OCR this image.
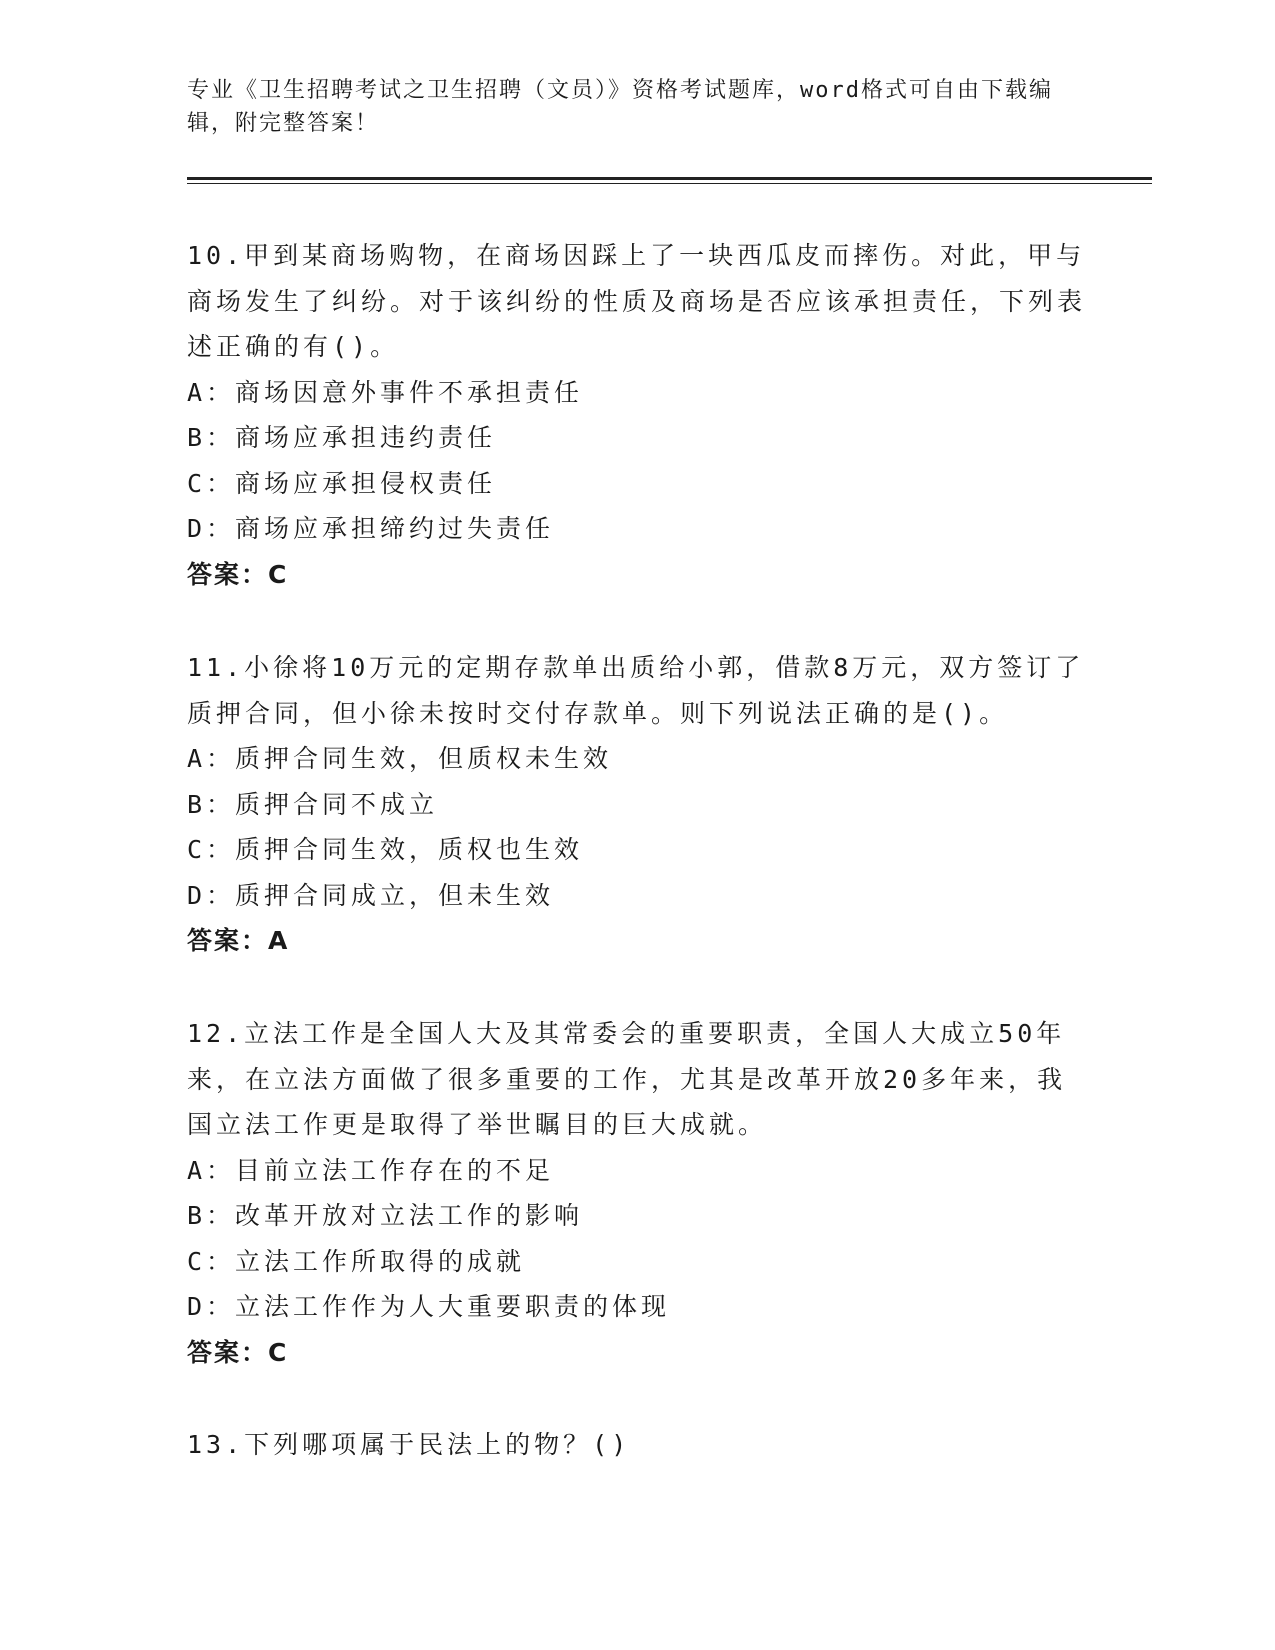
专业《卫生招聘考试之卫生招聘（文员）》资格考试题库，word格式可自由下载编辑，附完整答案！

10.甲到某商场购物，在商场因踩上了一块西瓜皮而摔伤。对此，甲与商场发生了纠纷。对于该纠纷的性质及商场是否应该承担责任，下列表述正确的有()。

A：商场因意外事件不承担责任

B：商场应承担违约责任

C：商场应承担侵权责任

D：商场应承担缔约过失责任

答案：C

11.小徐将10万元的定期存款单出质给小郭，借款8万元，双方签订了质押合同，但小徐未按时交付存款单。则下列说法正确的是()。

A：质押合同生效，但质权未生效

B：质押合同不成立

C：质押合同生效，质权也生效

D：质押合同成立，但未生效

答案：A

12.立法工作是全国人大及其常委会的重要职责，全国人大成立50年来，在立法方面做了很多重要的工作，尤其是改革开放20多年来，我国立法工作更是取得了举世瞩目的巨大成就。

A：目前立法工作存在的不足

B：改革开放对立法工作的影响

C：立法工作所取得的成就

D：立法工作作为人大重要职责的体现

答案：C

13.下列哪项属于民法上的物？()
